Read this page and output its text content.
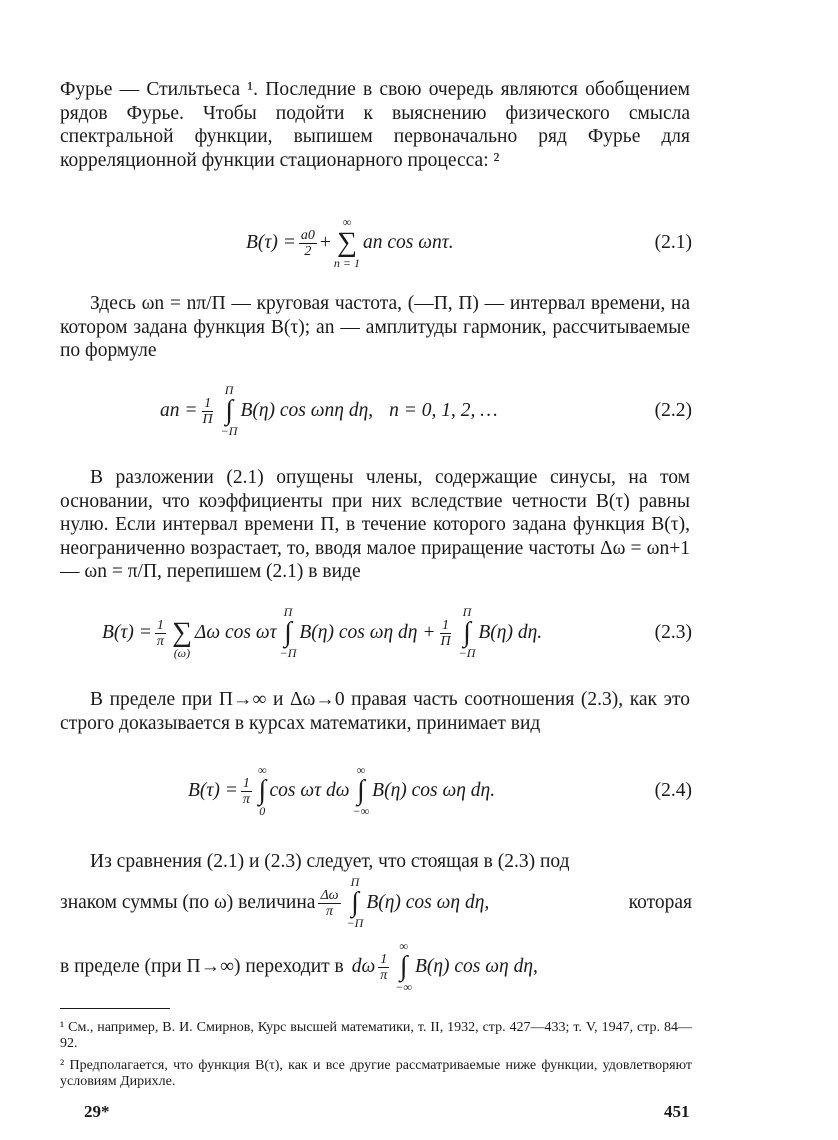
Фурье — Стильтьеса ¹. Последние в свою очередь являются обобщением рядов Фурье. Чтобы подойти к выяснению физического смысла спектральной функции, выпишем первоначально ряд Фурье для корреляционной функции стационарного процесса: ²

$B(\tau) = \frac{a0}{2}$ +
∞
∑
n = 1
an cos ωnτ.	(2.1)

Здесь ωn = nπ/Π — круговая частота, (—Π, Π) — интервал времени, на котором задана функция B(τ); an — амплитуды гармоник, рассчитываемые по формуле

an = $\frac{1}{\Pi}$
Π
∫
−Π
B(η) cos ωnη dη, n = 0, 1, 2, …	(2.2)

В разложении (2.1) опущены члены, содержащие синусы, на том основании, что коэффициенты при них вследствие четности B(τ) равны нулю. Если интервал времени Π, в течение которого задана функция B(τ), неограниченно возрастает, то, вводя малое приращение частоты Δω = ωn+1 — ωn = π/Π, перепишем (2.1) в виде

$B(\tau) = \frac{1}{\pi}$
∑
(ω)
Δω cos ωτ
Π
∫
−Π
B(η) cos ωη $d\eta + \frac{1}{\Pi}$
Π
∫
−Π
B(η) dη.	(2.3)

В пределе при Π→∞ и Δω→0 правая часть соотношения (2.3), как это строго доказывается в курсах математики, принимает вид

$B(\tau) = \frac{1}{\pi}$
∞
∫
0
cos ωτ dω
∞
∫
−∞
B(η) cos ωη dη.	(2.4)

Из сравнения (2.1) и (2.3) следует, что стоящая в (2.3) под

знаком суммы (по ω) величина $\frac{\Delta\omega}{\pi}$
Π
∫
−Π
B(η) cos ωη dη,	которая
в пределе (при Π→∞) переходит в dω $\frac{1}{\pi}$
∞
∫
−∞
B(η) cos ωη dη,

¹ См., например, В. И. Смирнов, Курс высшей математики, т. II, 1932, стр. 427—433; т. V, 1947, стр. 84—92.

² Предполагается, что функция B(τ), как и все другие рассматриваемые ниже функции, удовлетворяют условиям Дирихле.

29*	451
